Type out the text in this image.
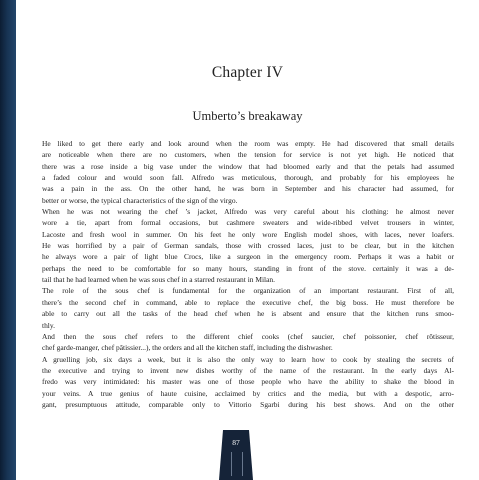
Chapter IV
Umberto’s breakaway
He liked to get there early and look around when the room was empty. He had discovered that small details
are noticeable when there are no customers, when the tension for service is not yet high. He noticed that
there was a rose inside a big vase under the window that had bloomed early and that the petals had assumed
a faded colour and would soon fall. Alfredo was meticulous, thorough, and probably for his employees he
was a pain in the ass. On the other hand, he was born in September and his character had assumed, for
better or worse, the typical characteristics of the sign of the virgo.
When he was not wearing the chef ’s jacket, Alfredo was very careful about his clothing: he almost never
wore a tie, apart from formal occasions, but cashmere sweaters and wide-ribbed velvet trousers in winter,
Lacoste and fresh wool in summer. On his feet he only wore English model shoes, with laces, never loafers.
He was horrified by a pair of German sandals, those with crossed laces, just to be clear, but in the kitchen
he always wore a pair of light blue Crocs, like a surgeon in the emergency room. Perhaps it was a habit or
perhaps the need to be comfortable for so many hours, standing in front of the stove. certainly it was a de-
tail that he had learned when he was sous chef in a starred restaurant in Milan.
The role of the sous chef is fundamental for the organization of an important restaurant. First of all,
there’s the second chef in command, able to replace the executive chef, the big boss. He must therefore be
able to carry out all the tasks of the head chef when he is absent and ensure that the kitchen runs smoo-
thly.
And then the sous chef refers to the different chief cooks (chef saucier, chef poissonier, chef rôtisseur,
chef garde-manger, chef pâtissier...), the orders and all the kitchen staff, including the dishwasher.
A gruelling job, six days a week, but it is also the only way to learn how to cook by stealing the secrets of
the executive and trying to invent new dishes worthy of the name of the restaurant. In the early days Al-
fredo was very intimidated: his master was one of those people who have the ability to shake the blood in
your veins. A true genius of haute cuisine, acclaimed by critics and the media, but with a despotic, arro-
gant, presumptuous attitude, comparable only to Vittorio Sgarbi during his best shows. And on the other
87
